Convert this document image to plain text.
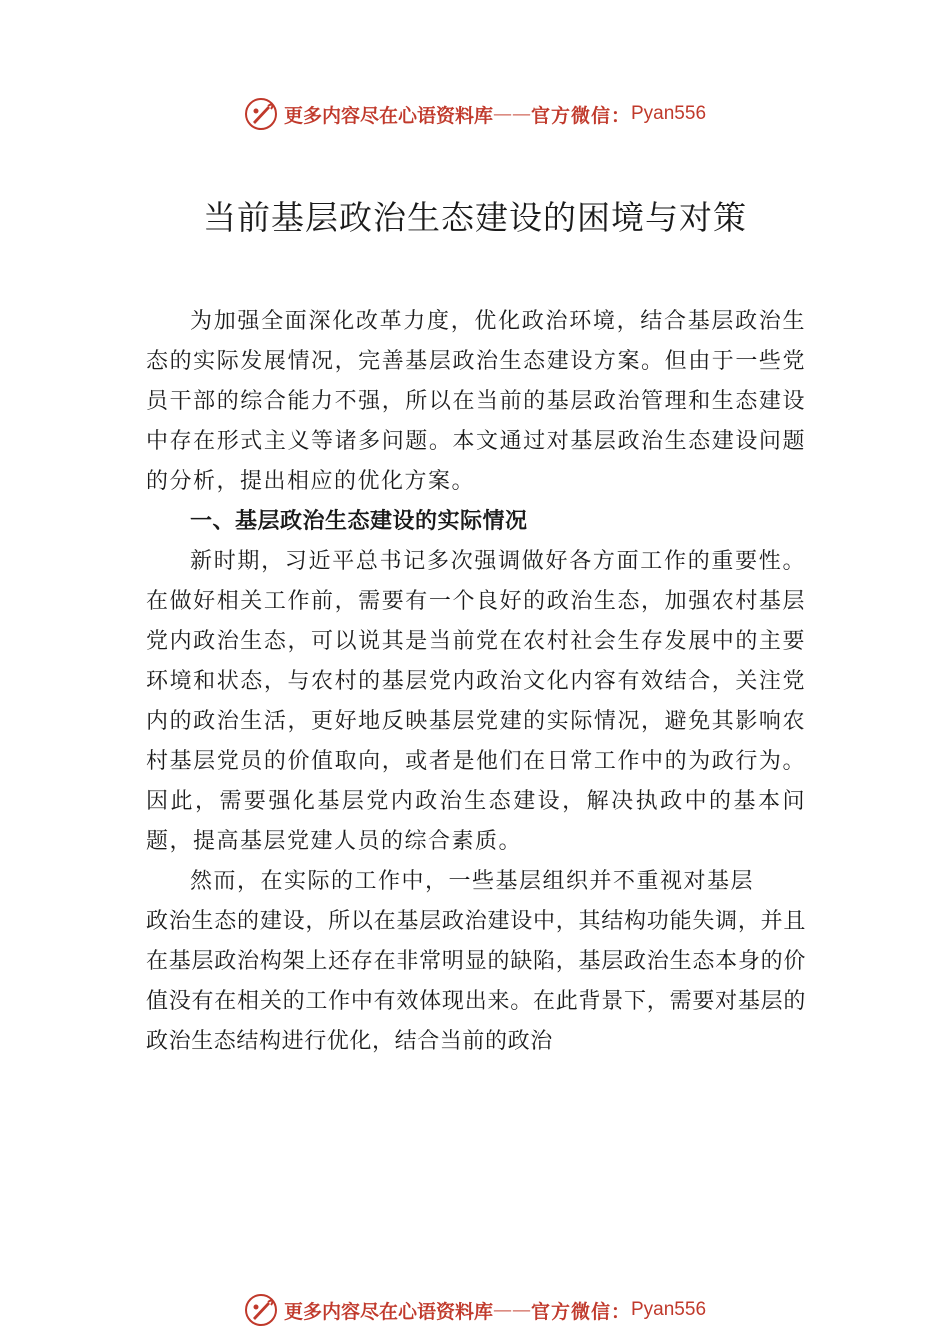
更多内容尽在心语资料库 —— 官方微信： Pyan556
当前基层政治生态建设的困境与对策

为加强全面深化改革力度，优化政治环境，结合基层政治生态的实际发展情况，完善基层政治生态建设方案。但由于一些党员干部的综合能力不强，所以在当前的基层政治管理和生态建设中存在形式主义等诸多问题。本文通过对基层政治生态建设问题的分析，提出相应的优化方案。

一、基层政治生态建设的实际情况

新时期，习近平总书记多次强调做好各方面工作的重要性。在做好相关工作前，需要有一个良好的政治生态，加强农村基层党内政治生态，可以说其是当前党在农村社会生存发展中的主要环境和状态，与农村的基层党内政治文化内容有效结合，关注党内的政治生活，更好地反映基层党建的实际情况，避免其影响农村基层党员的价值取向，或者是他们在日常工作中的为政行为。因此，需要强化基层党内政治生态建设，解决执政中的基本问题，提高基层党建人员的综合素质。

然而，在实际的工作中，一些基层组织并不重视对基层

政治生态的建设，所以在基层政治建设中，其结构功能失调，并且在基层政治构架上还存在非常明显的缺陷，基层政治生态本身的价值没有在相关的工作中有效体现出来。在此背景下，需要对基层的政治生态结构进行优化，结合当前的政治

更多内容尽在心语资料库 —— 官方微信： Pyan556
